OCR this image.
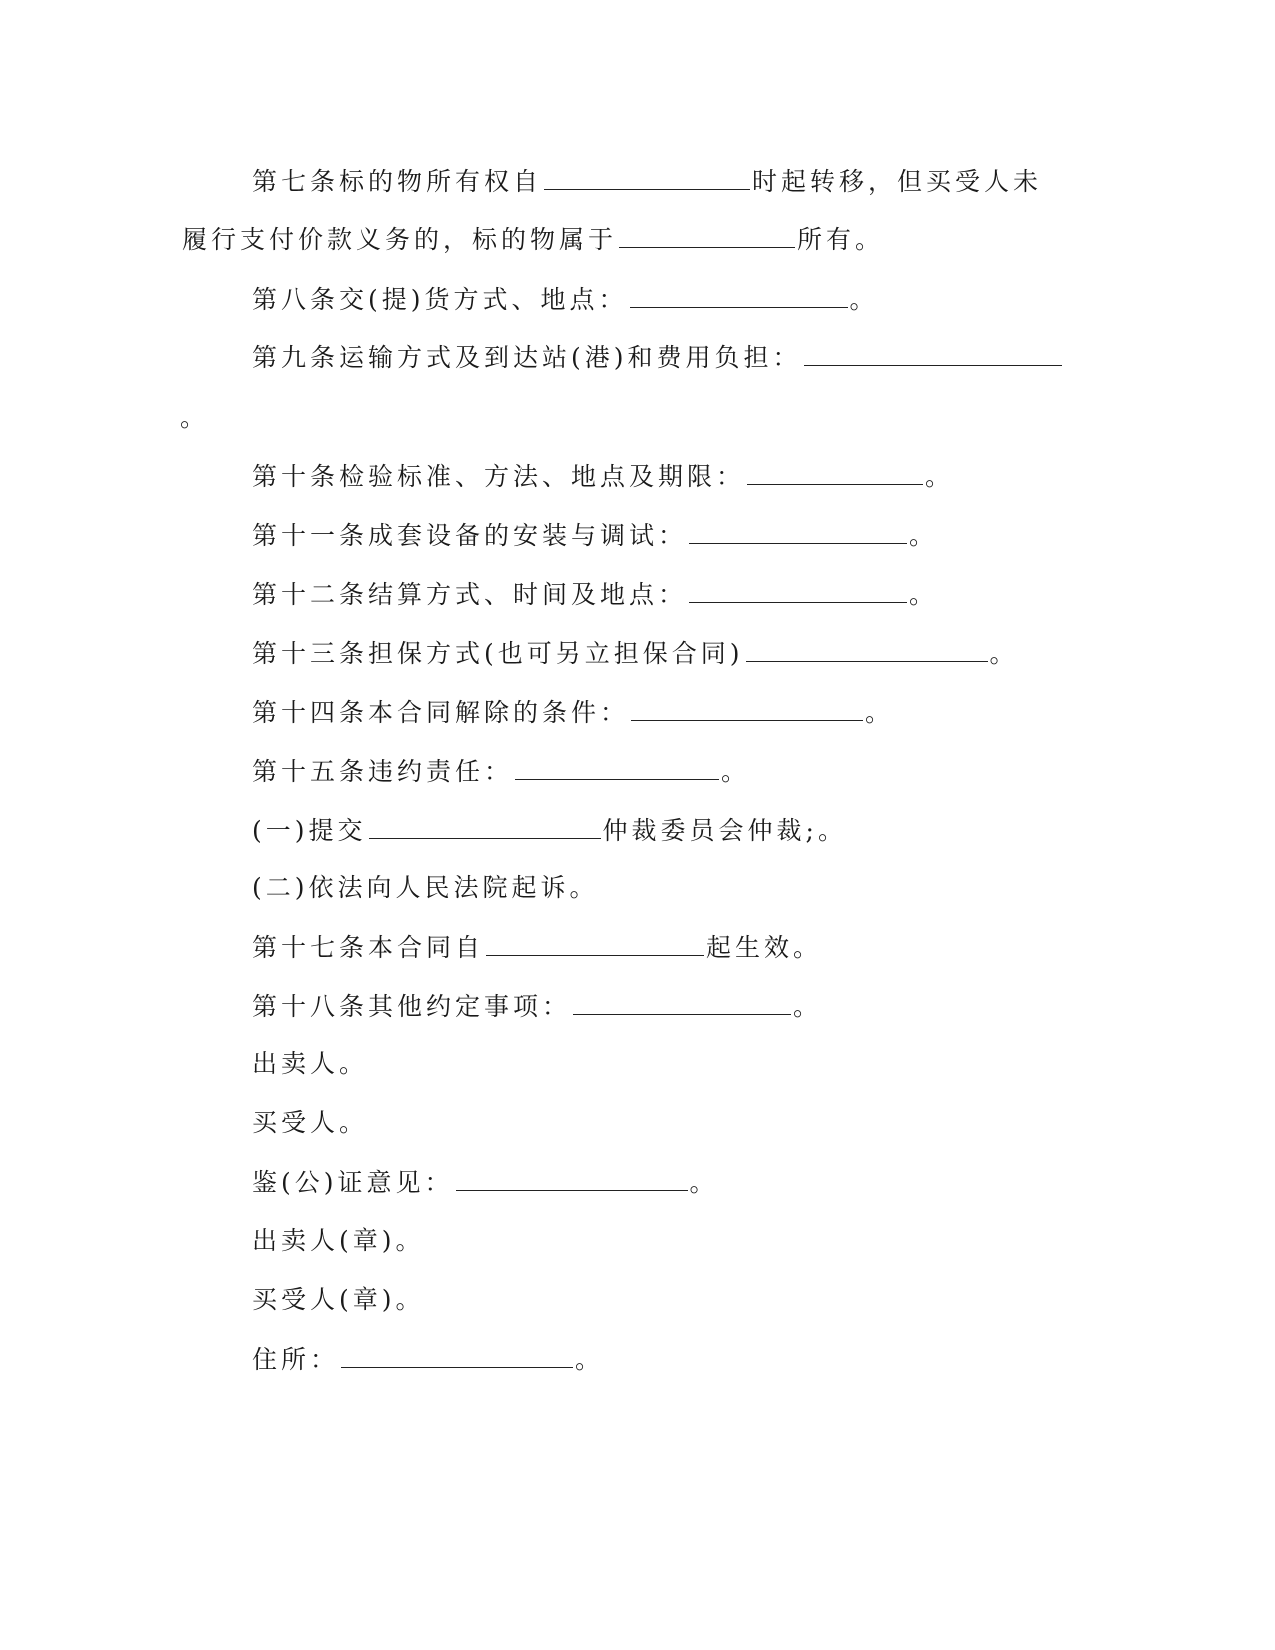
第七条标的物所有权自	时起转移，但买受人未
履行支付价款义务的，标的物属于	所有。
第八条交(提)货方式、地点：	。
第九条运输方式及到达站(港)和费用负担：
。
第十条检验标准、方法、地点及期限：	。
第十一条成套设备的安装与调试：	。
第十二条结算方式、时间及地点：	。
第十三条担保方式(也可另立担保合同)	。
第十四条本合同解除的条件：	。
第十五条违约责任：	。
(一)提交	仲裁委员会仲裁;。
(二)依法向人民法院起诉。
第十七条本合同自	起生效。
第十八条其他约定事项：	。
出卖人。
买受人。
鉴(公)证意见：	。
出卖人(章)。
买受人(章)。
住所：	。
